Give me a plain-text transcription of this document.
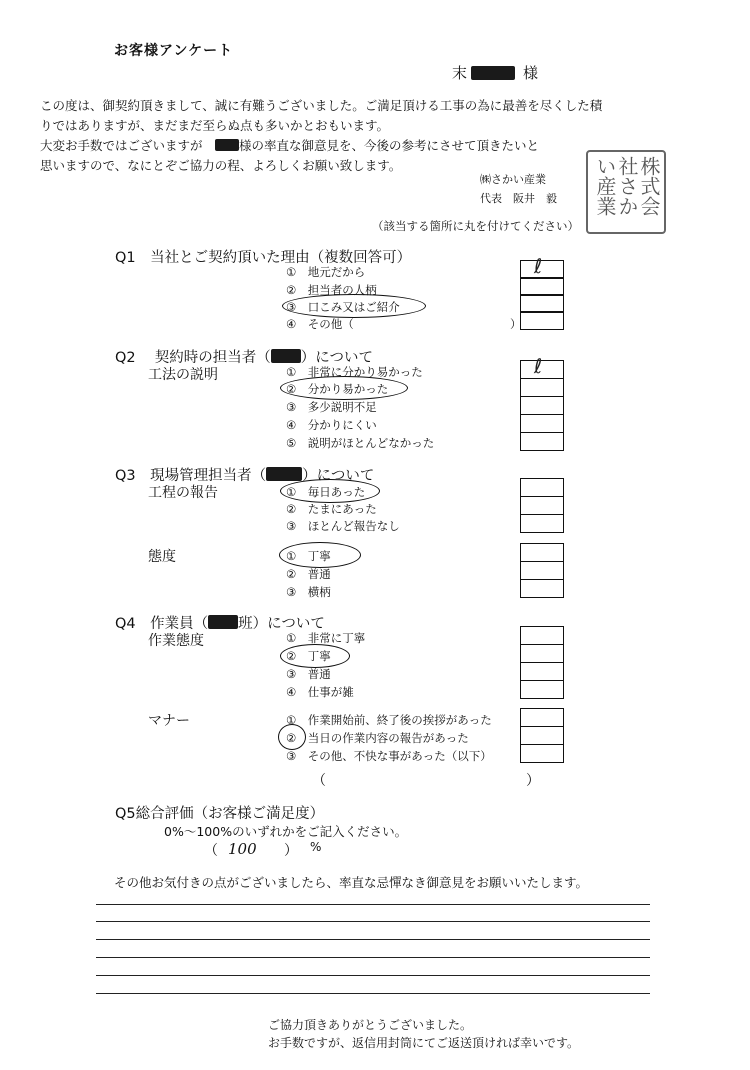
お客様アンケート
末	様
この度は、御契約頂きまして、誠に有難うございました。ご満足頂ける工事の為に最善を尽くした積
りではありますが、まだまだ至らぬ点も多いかとおもいます。
大変お手数ではございますが　	様の率直な御意見を、今後の参考にさせて頂きたいと
思いますので、なにとぞご協力の程、よろしくお願い致します。
㈱さかい産業
代表　阪井　毅	株式会社さかい産業
（該当する箇所に丸を付けてください）
Q1　当社とご契約頂いた理由（複数回答可）
①　地元だから
②　担当者の人柄
③　口こみ又はご紹介
④　その他（	）
ℓ
Q2　 契約時の担当者（ ）について
工法の説明	①　非常に分かり易かった
②　分かり易かった
③　多少説明不足
④　分かりにくい
⑤　説明がほとんどなかった
ℓ
Q3　現場管理担当者（ ）について
工程の報告	①　毎日あった
②　たまにあった
③　ほとんど報告なし
態度	①　丁寧
②　普通
③　横柄
Q4　作業員（ 班）について
作業態度	①　非常に丁寧
②　丁寧
③　普通
④　仕事が雑
マナー	①　作業開始前、終了後の挨拶があった
②　当日の作業内容の報告があった
③　その他、不快な事があった（以下）
（	）
Q5総合評価（お客様ご満足度）
0%～100%のいずれかをご記入ください。
（ 100 ） %
その他お気付きの点がございましたら、率直な忌憚なき御意見をお願いいたします。
ご協力頂きありがとうございました。
お手数ですが、返信用封筒にてご返送頂ければ幸いです。
